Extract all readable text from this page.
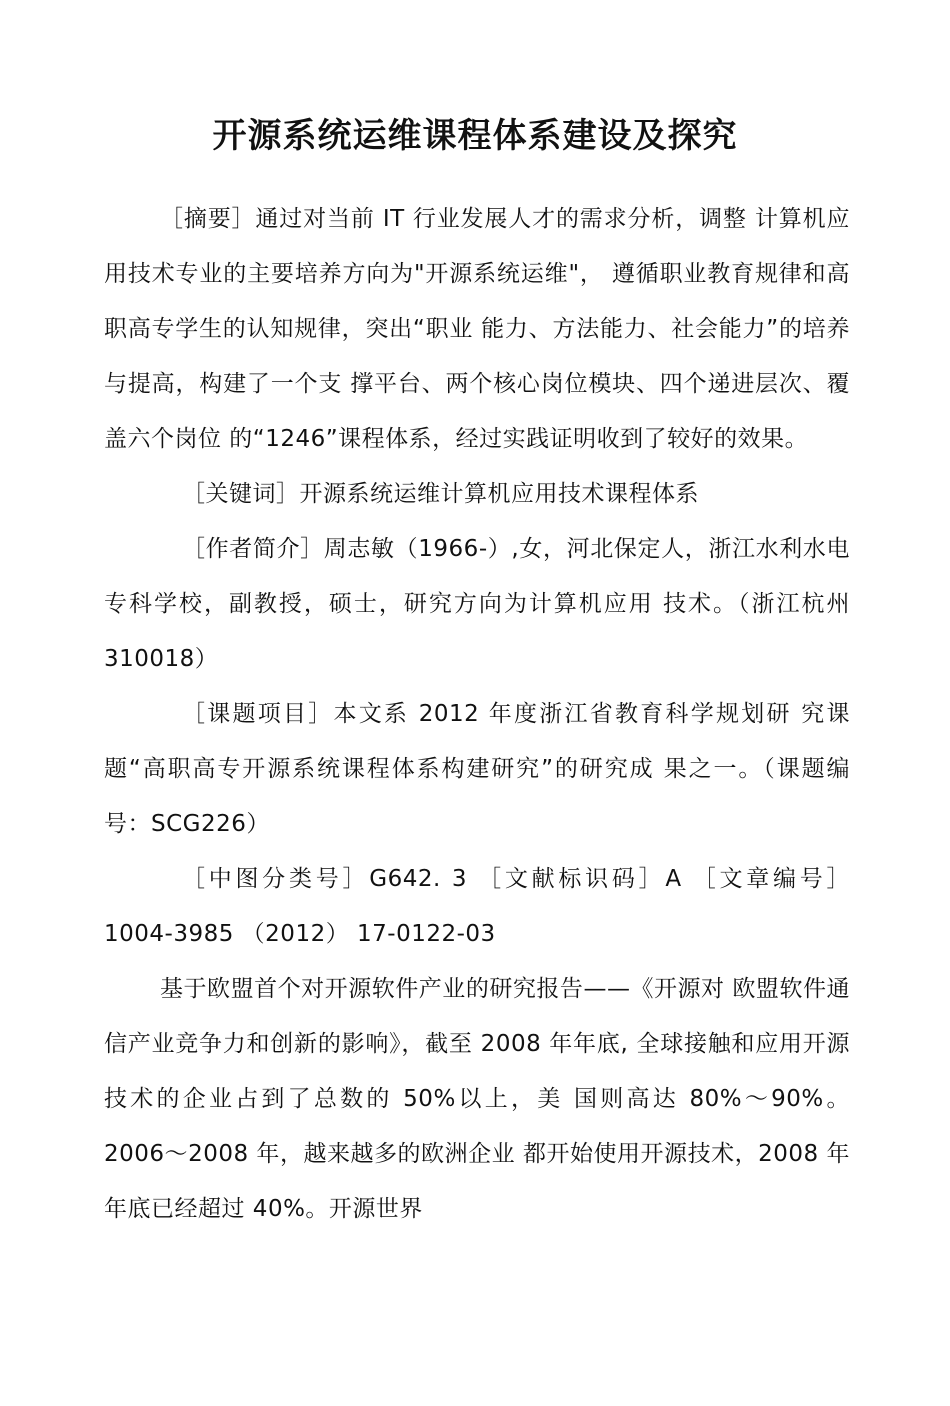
开源系统运维课程体系建设及探究

［摘要］通过对当前 IT 行业发展人才的需求分析，调整 计算机应用技术专业的主要培养方向为"开源系统运维"， 遵循职业教育规律和高职高专学生的认知规律，突出“职业 能力、方法能力、社会能力”的培养与提高，构建了一个支 撑平台、两个核心岗位模块、四个递进层次、覆盖六个岗位 的“1246”课程体系，经过实践证明收到了较好的效果。

［关键词］开源系统运维计算机应用技术课程体系

［作者简介］周志敏（1966-）,女，河北保定人，浙江水利水电专科学校，副教授，硕士，研究方向为计算机应用 技术。（浙江杭州 310018）

［课题项目］本文系 2012 年度浙江省教育科学规划研 究课题“高职高专开源系统课程体系构建研究”的研究成 果之一。（课题编号：SCG226）

［中图分类号］G642. 3 ［文献标识码］A ［文章编号］ 1004-3985 （2012） 17-0122-03

基于欧盟首个对开源软件产业的研究报告——《开源对 欧盟软件通信产业竞争力和创新的影响》，截至 2008 年年底, 全球接触和应用开源技术的企业占到了总数的 50%以上，美 国则高达 80%〜90%。2006〜2008 年，越来越多的欧洲企业 都开始使用开源技术，2008 年年底已经超过 40%。开源世界
